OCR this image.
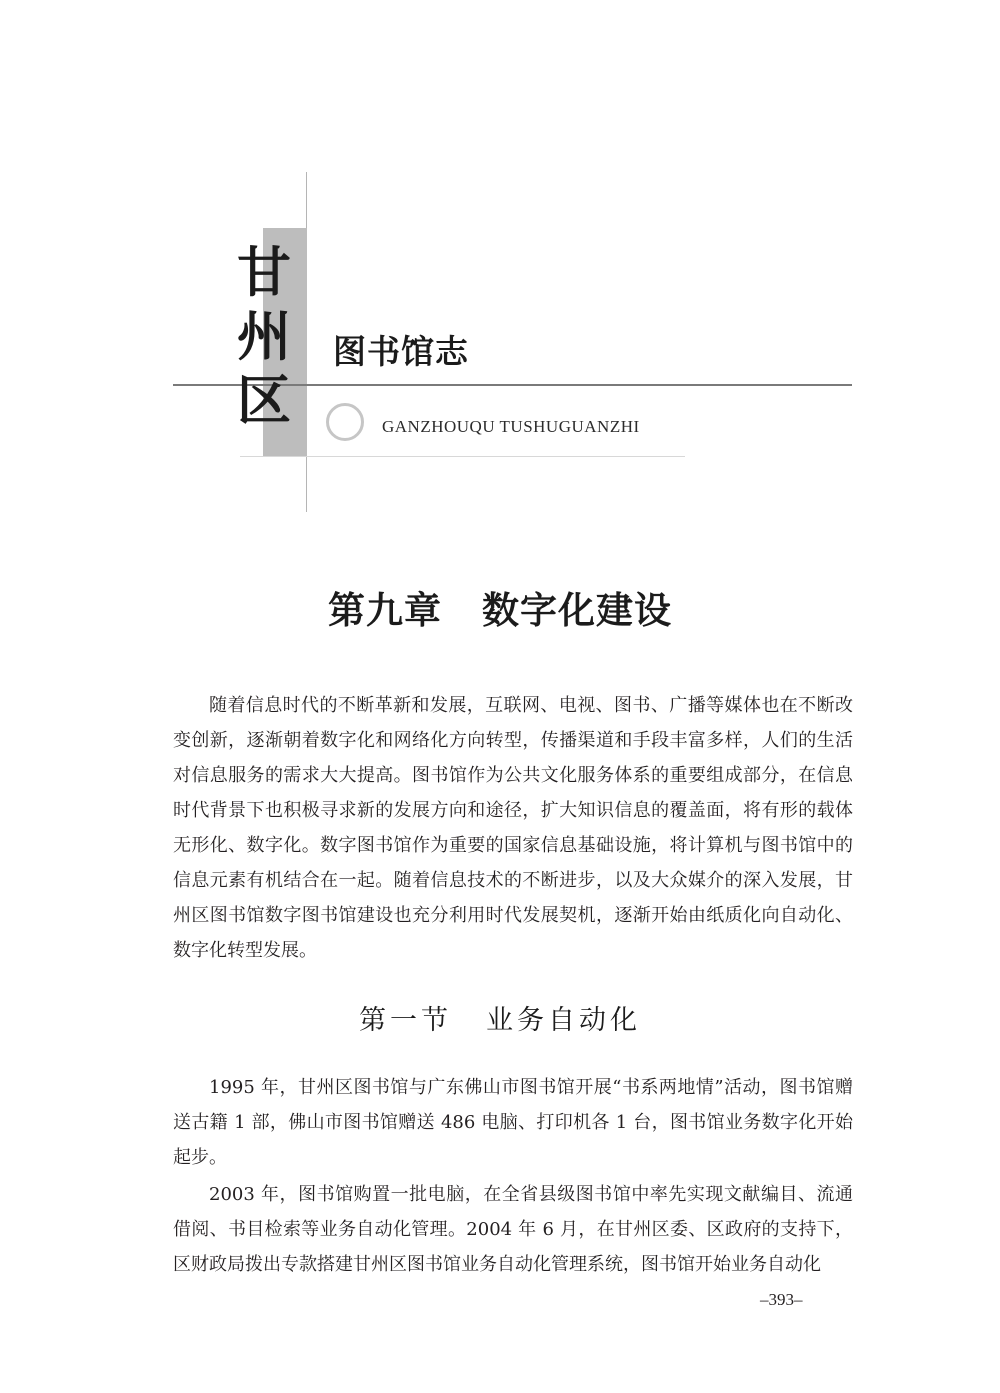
甘
州
区
图书馆志
GANZHOUQU TUSHUGUANZHI
第九章 数字化建设

随着信息时代的不断革新和发展，互联网、电视、图书、广播等媒体也在不断改变创新，逐渐朝着数字化和网络化方向转型，传播渠道和手段丰富多样，人们的生活对信息服务的需求大大提高。图书馆作为公共文化服务体系的重要组成部分，在信息时代背景下也积极寻求新的发展方向和途径，扩大知识信息的覆盖面，将有形的载体无形化、数字化。数字图书馆作为重要的国家信息基础设施，将计算机与图书馆中的信息元素有机结合在一起。随着信息技术的不断进步，以及大众媒介的深入发展，甘州区图书馆数字图书馆建设也充分利用时代发展契机，逐渐开始由纸质化向自动化、数字化转型发展。

第一节 业务自动化

1995 年，甘州区图书馆与广东佛山市图书馆开展“书系两地情”活动，图书馆赠送古籍 1 部，佛山市图书馆赠送 486 电脑、打印机各 1 台，图书馆业务数字化开始起步。

2003 年，图书馆购置一批电脑，在全省县级图书馆中率先实现文献编目、流通借阅、书目检索等业务自动化管理。2004 年 6 月，在甘州区委、区政府的支持下，区财政局拨出专款搭建甘州区图书馆业务自动化管理系统，图书馆开始业务自动化

–393–
